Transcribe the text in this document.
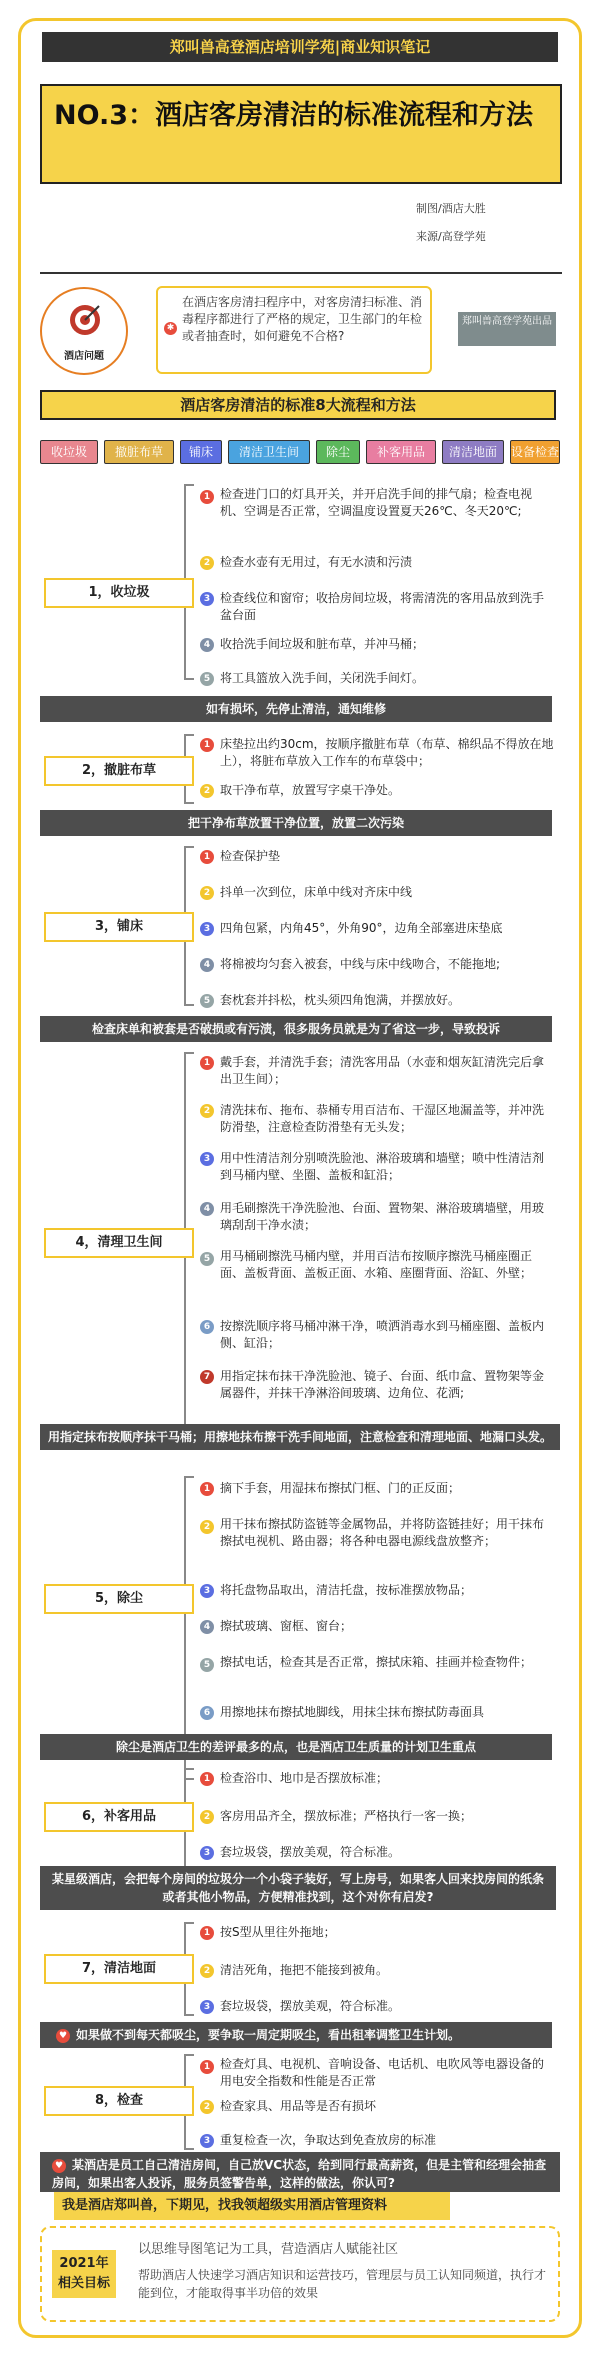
郑叫兽高登酒店培训学苑|商业知识笔记
NO.3：酒店客房清洁的标准流程和方法
制图/酒店大胜
来源/高登学苑
酒店问题
✱
在酒店客房清扫程序中，对客房清扫标准、消毒程序都进行了严格的规定，卫生部门的年检或者抽查时，如何避免不合格?
郑叫兽高登学苑出品
酒店客房清洁的标准8大流程和方法
收垃圾	撤脏布草	铺床	清洁卫生间	除尘	补客用品	清洁地面	设备检查
1，收垃圾
1 检查进门口的灯具开关，并开启洗手间的排气扇；检查电视机、空调是否正常，空调温度设置夏天26℃、冬天20℃;
2 检查水壶有无用过，有无水渍和污渍
3 检查线位和窗帘；收拾房间垃圾，将需清洗的客用品放到洗手盆台面
4 收拾洗手间垃圾和脏布草，并冲马桶；
5 将工具篮放入洗手间，关闭洗手间灯。
如有损坏，先停止清洁，通知维修
2，撤脏布草
1 床垫拉出约30cm，按顺序撤脏布草（布草、棉织品不得放在地上），将脏布草放入工作车的布草袋中；
2 取干净布草，放置写字桌干净处。
把干净布草放置干净位置，放置二次污染
3，铺床
1 检查保护垫
2 抖单一次到位，床单中线对齐床中线
3 四角包紧，内角45°，外角90°，边角全部塞进床垫底
4 将棉被均匀套入被套，中线与床中线吻合，不能拖地;
5 套枕套并抖松，枕头须四角饱满，并摆放好。
检查床单和被套是否破损或有污渍，很多服务员就是为了省这一步，导致投诉
4，清理卫生间
1 戴手套，并清洗手套；清洗客用品（水壶和烟灰缸清洗完后拿出卫生间）；
2 清洗抹布、拖布、恭桶专用百洁布、干湿区地漏盖等，并冲洗防滑垫，注意检查防滑垫有无头发；
3 用中性清洁剂分别喷洗脸池、淋浴玻璃和墙壁；喷中性清洁剂到马桶内壁、坐圈、盖板和缸沿；
4 用毛刷擦洗干净洗脸池、台面、置物架、淋浴玻璃墙壁，用玻璃刮刮干净水渍；
5 用马桶刷擦洗马桶内壁，并用百洁布按顺序擦洗马桶座圈正面、盖板背面、盖板正面、水箱、座圈背面、浴缸、外壁；
6 按擦洗顺序将马桶冲淋干净，喷洒消毒水到马桶座圈、盖板内侧、缸沿；
7 用指定抹布抹干净洗脸池、镜子、台面、纸巾盒、置物架等金属器件，并抹干净淋浴间玻璃、边角位、花洒;
用指定抹布按顺序抹干马桶；用擦地抹布擦干洗手间地面，注意检查和清理地面、地漏口头发。
5，除尘
1 摘下手套，用湿抹布擦拭门框、门的正反面；
2 用干抹布擦拭防盗链等金属物品，并将防盗链挂好；用干抹布擦拭电视机、路由器；将各种电器电源线盘放整齐；
3 将托盘物品取出，清洁托盘，按标准摆放物品；
4 擦拭玻璃、窗框、窗台；
5 擦拭电话，检查其是否正常，擦拭床箱、挂画并检查物件；
6 用擦地抹布擦拭地脚线，用抹尘抹布擦拭防毒面具
除尘是酒店卫生的差评最多的点，也是酒店卫生质量的计划卫生重点
6，补客用品
1 检查浴巾、地巾是否摆放标准；
2 客房用品齐全，摆放标准；严格执行一客一换；
3 套垃圾袋，摆放美观，符合标准。
某星级酒店，会把每个房间的垃圾分一个小袋子装好，写上房号，如果客人回来找房间的纸条或者其他小物品，方便精准找到，这个对你有启发?
7，清洁地面
1 按S型从里往外拖地；
2 清洁死角，拖把不能接到被角。
3 套垃圾袋，摆放美观，符合标准。
♥ 如果做不到每天都吸尘，要争取一周定期吸尘，看出租率调整卫生计划。
8，检查
1 检查灯具、电视机、音响设备、电话机、电吹风等电器设备的用电安全指数和性能是否正常
2 检查家具、用品等是否有损坏
3 重复检查一次，争取达到免查放房的标准
♥ 某酒店是员工自己清洁房间，自己放VC状态，给到同行最高薪资，但是主管和经理会抽查房间，如果出客人投诉，服务员签警告单，这样的做法，你认可?
我是酒店郑叫兽，下期见，找我领超级实用酒店管理资料
2021年
相关目标
以思维导图笔记为工具，营造酒店人赋能社区
帮助酒店人快速学习酒店知识和运营技巧，管理层与员工认知同频道，执行才能到位，才能取得事半功倍的效果
